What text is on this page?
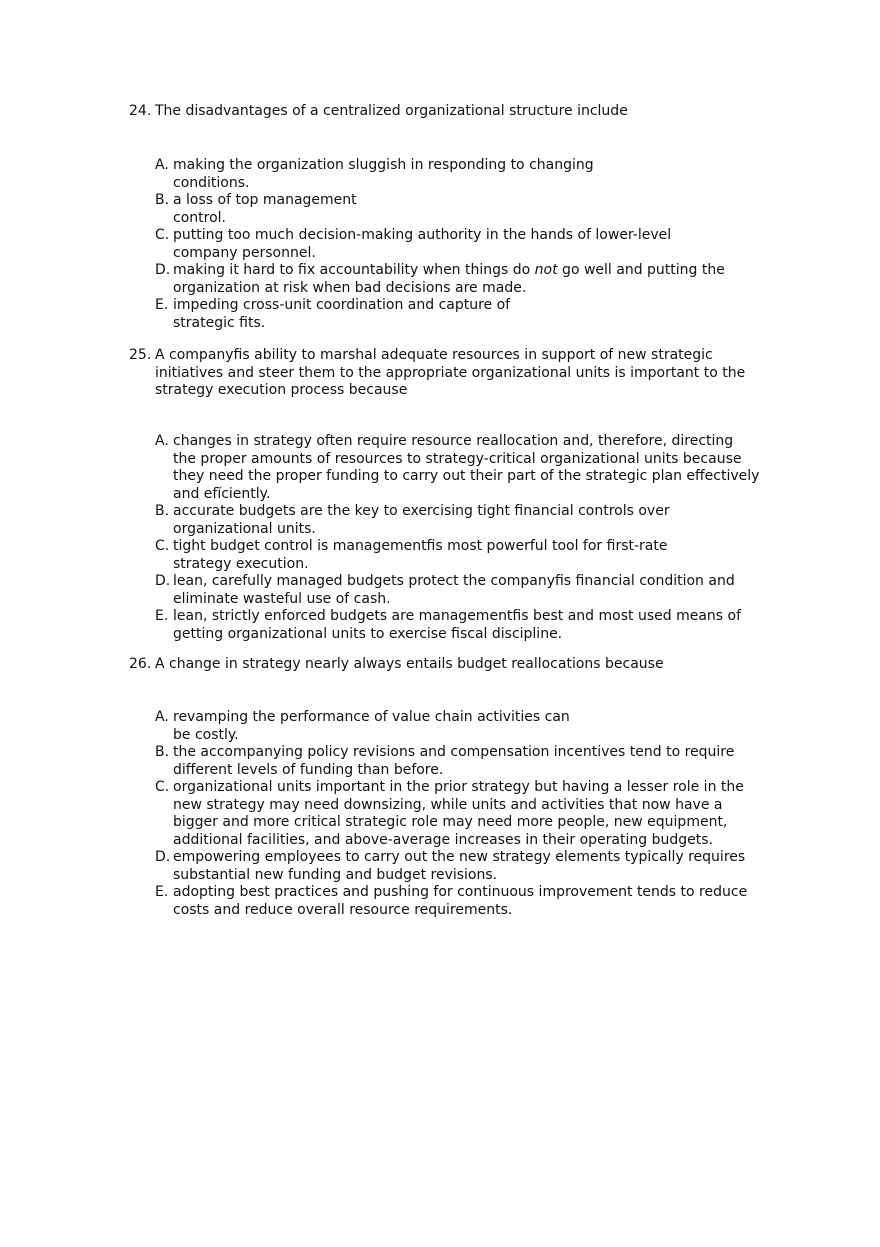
24. The disadvantages of a centralized organizational structure include
A. making the organization sluggish in responding to changing
conditions.
B. a loss of top management
control.
C. putting too much decision-making authority in the hands of lower-level
company personnel.
D. making it hard to fix accountability when things do not go well and putting the
organization at risk when bad decisions are made.
E. impeding cross-unit coordination and capture of
strategic fits.
25. A companyfis ability to marshal adequate resources in support of new strategic
initiatives and steer them to the appropriate organizational units is important to the
strategy execution process because
A. changes in strategy often require resource reallocation and, therefore, directing
the proper amounts of resources to strategy-critical organizational units because
they need the proper funding to carry out their part of the strategic plan effectively
and efĭciently.
B. accurate budgets are the key to exercising tight financial controls over
organizational units.
C. tight budget control is managementfis most powerful tool for first-rate
strategy execution.
D. lean, carefully managed budgets protect the companyfis financial condition and
eliminate wasteful use of cash.
E. lean, strictly enforced budgets are managementfis best and most used means of
getting organizational units to exercise fiscal discipline.
26. A change in strategy nearly always entails budget reallocations because
A. revamping the performance of value chain activities can
be costly.
B. the accompanying policy revisions and compensation incentives tend to require
different levels of funding than before.
C. organizational units important in the prior strategy but having a lesser role in the
new strategy may need downsizing, while units and activities that now have a
bigger and more critical strategic role may need more people, new equipment,
additional facilities, and above-average increases in their operating budgets.
D. empowering employees to carry out the new strategy elements typically requires
substantial new funding and budget revisions.
E. adopting best practices and pushing for continuous improvement tends to reduce
costs and reduce overall resource requirements.
